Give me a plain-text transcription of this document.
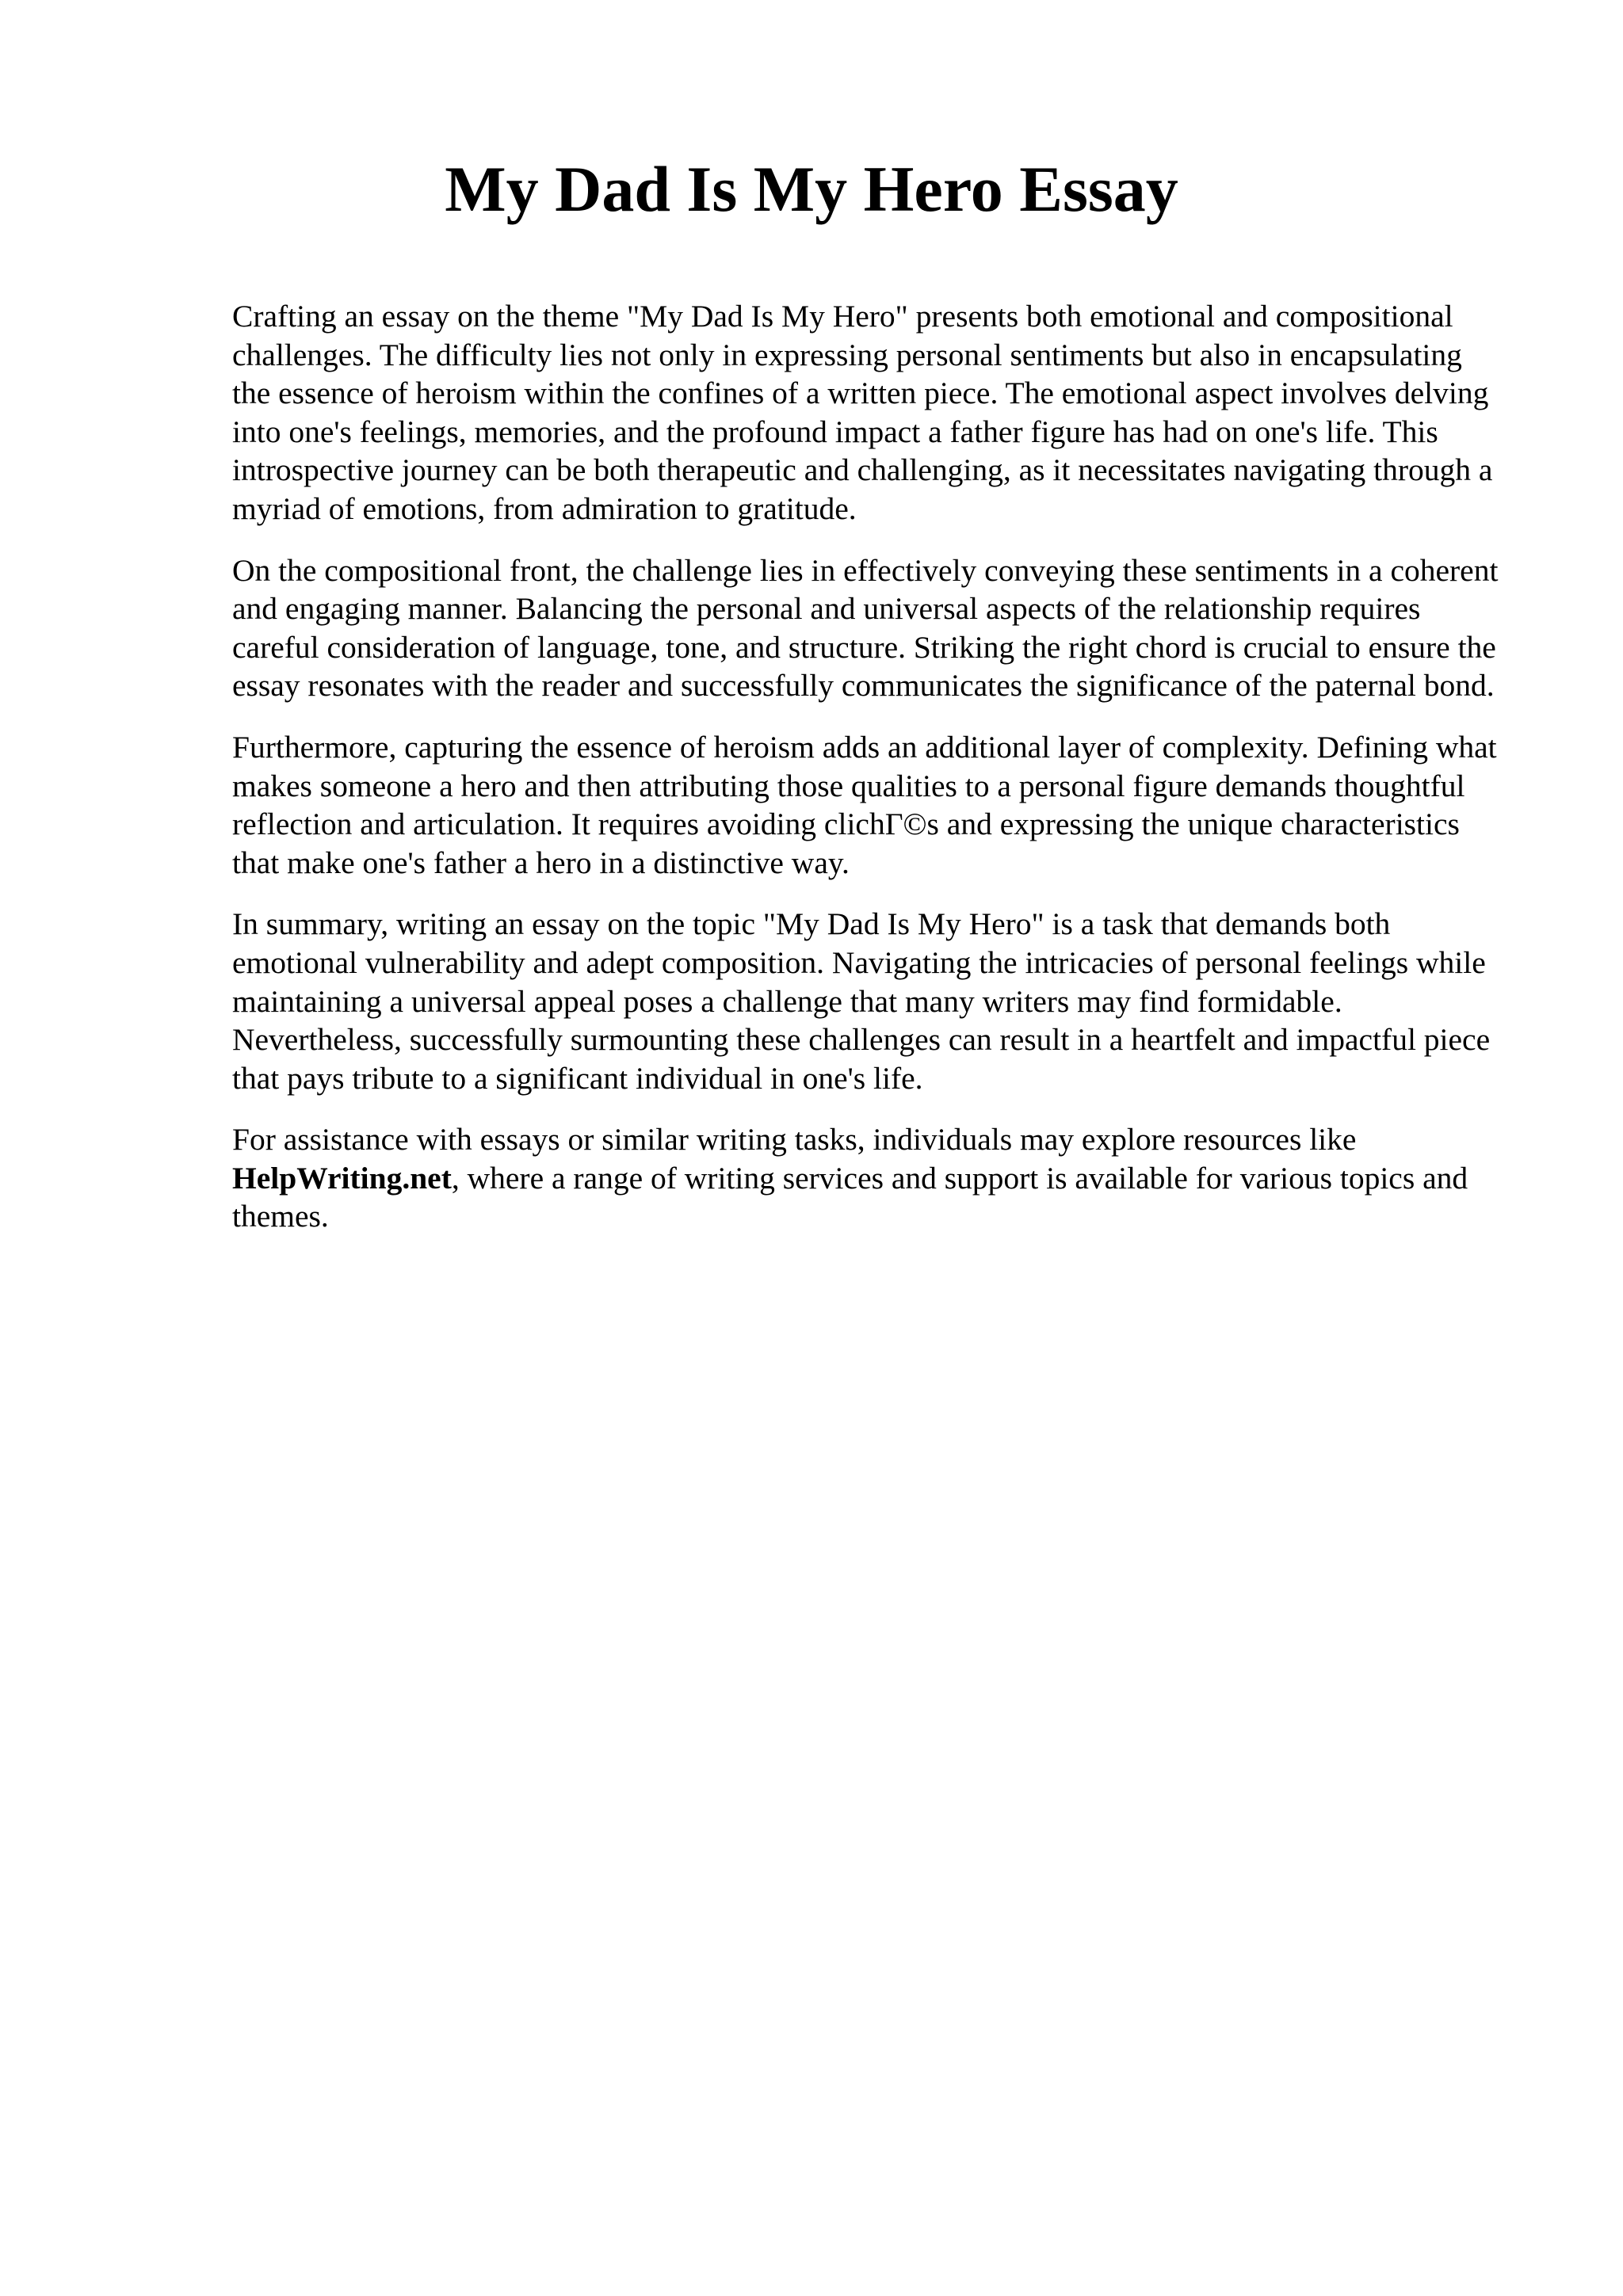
My Dad Is My Hero Essay

Crafting an essay on the theme "My Dad Is My Hero" presents both emotional and compositional challenges. The difficulty lies not only in expressing personal sentiments but also in encapsulating the essence of heroism within the confines of a written piece. The emotional aspect involves delving into one's feelings, memories, and the profound impact a father figure has had on one's life. This introspective journey can be both therapeutic and challenging, as it necessitates navigating through a myriad of emotions, from admiration to gratitude.

On the compositional front, the challenge lies in effectively conveying these sentiments in a coherent and engaging manner. Balancing the personal and universal aspects of the relationship requires careful consideration of language, tone, and structure. Striking the right chord is crucial to ensure the essay resonates with the reader and successfully communicates the significance of the paternal bond.

Furthermore, capturing the essence of heroism adds an additional layer of complexity. Defining what makes someone a hero and then attributing those qualities to a personal figure demands thoughtful reflection and articulation. It requires avoiding clichΓ©s and expressing the unique characteristics that make one's father a hero in a distinctive way.

In summary, writing an essay on the topic "My Dad Is My Hero" is a task that demands both emotional vulnerability and adept composition. Navigating the intricacies of personal feelings while maintaining a universal appeal poses a challenge that many writers may find formidable. Nevertheless, successfully surmounting these challenges can result in a heartfelt and impactful piece that pays tribute to a significant individual in one's life.

For assistance with essays or similar writing tasks, individuals may explore resources like HelpWriting.net, where a range of writing services and support is available for various topics and themes.
